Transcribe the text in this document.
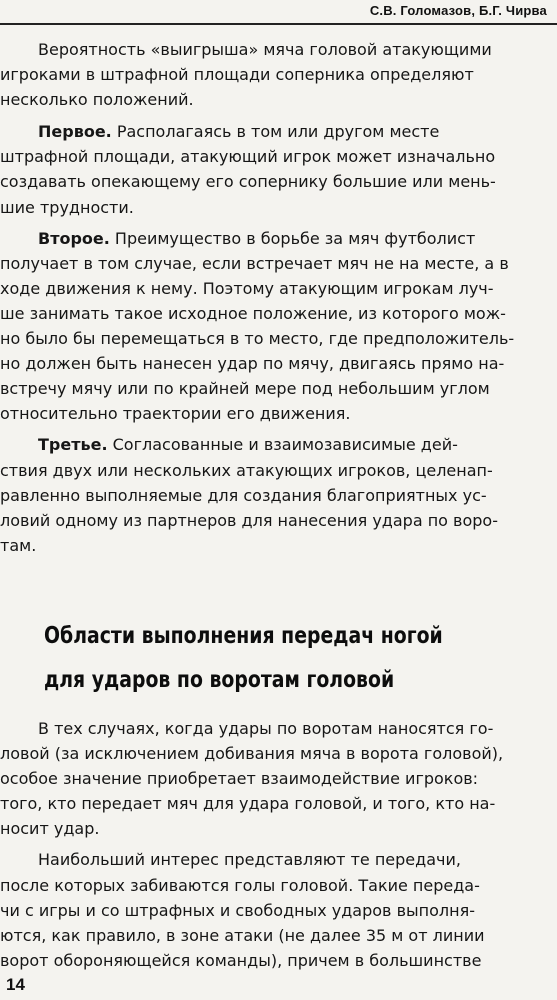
С.В. Голомазов, Б.Г. Чирва

Вероятность «выигрыша» мяча головой атакующими
игроками в штрафной площади соперника определяют
несколько положений.

Первое. Располагаясь в том или другом месте
штрафной площади, атакующий игрок может изначально
создавать опекающему его сопернику большие или мень-
шие трудности.

Второе. Преимущество в борьбе за мяч футболист
получает в том случае, если встречает мяч не на месте, а в
ходе движения к нему. Поэтому атакующим игрокам луч-
ше занимать такое исходное положение, из которого мож-
но было бы перемещаться в то место, где предположитель-
но должен быть нанесен удар по мячу, двигаясь прямо на-
встречу мячу или по крайней мере под небольшим углом
относительно траектории его движения.

Третье. Согласованные и взаимозависимые дей-
ствия двух или нескольких атакующих игроков, целенап-
равленно выполняемые для создания благоприятных ус-
ловий одному из партнеров для нанесения удара по воро-
там.

Области выполнения передач ногой
для ударов по воротам головой

В тех случаях, когда удары по воротам наносятся го-
ловой (за исключением добивания мяча в ворота головой),
особое значение приобретает взаимодействие игроков:
того, кто передает мяч для удара головой, и того, кто на-
носит удар.

Наибольший интерес представляют те передачи,
после которых забиваются голы головой. Такие переда-
чи с игры и со штрафных и свободных ударов выполня-
ются, как правило, в зоне атаки (не далее 35 м от линии
ворот обороняющейся команды), причем в большинстве

14
